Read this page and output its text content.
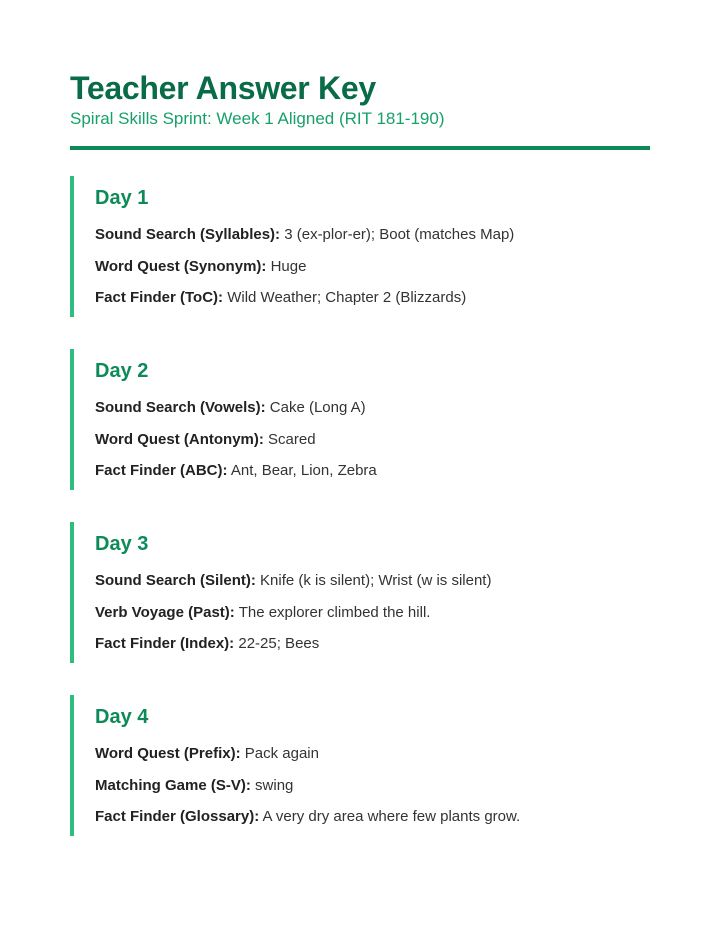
Teacher Answer Key

Spiral Skills Sprint: Week 1 Aligned (RIT 181-190)

Day 1
Sound Search (Syllables): 3 (ex-plor-er); Boot (matches Map)
Word Quest (Synonym): Huge
Fact Finder (ToC): Wild Weather; Chapter 2 (Blizzards)
Day 2
Sound Search (Vowels): Cake (Long A)
Word Quest (Antonym): Scared
Fact Finder (ABC): Ant, Bear, Lion, Zebra
Day 3
Sound Search (Silent): Knife (k is silent); Wrist (w is silent)
Verb Voyage (Past): The explorer climbed the hill.
Fact Finder (Index): 22-25; Bees
Day 4
Word Quest (Prefix): Pack again
Matching Game (S-V): swing
Fact Finder (Glossary): A very dry area where few plants grow.
